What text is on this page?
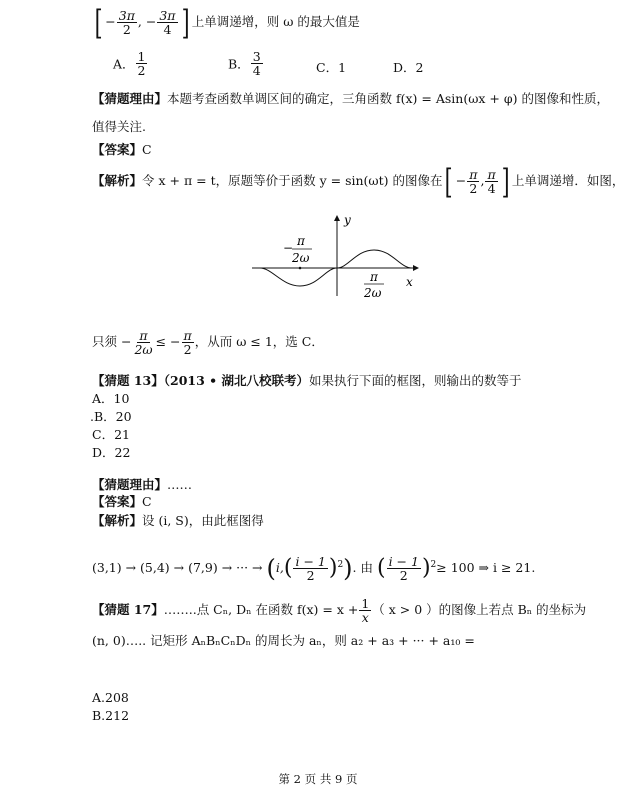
[ − $\frac{3\pi}{2}$ , − $\frac{3\pi}{4}$ ] 上单调递增，则 ω 的最大值是
A． $\frac{1}{2}$	B． $\frac{3}{4}$	C．1	D．2
【猜题理由】本题考查函数单调区间的确定，三角函数 f(x) = Asin(ωx + φ) 的图像和性质，
值得关注.
【答案】C
【解析】令 x + π = t，原题等价于函数 y = sin(ωt) 的图像在[ − $\frac{\pi}{2}$ , $\frac{\pi}{4}$ ] 上单调递增．如图，
y
x
− π
2ω
π
2ω
只须 − $\frac{\pi}{2\omega}$ ≤ − $\frac{\pi}{2}$ ，从而 ω ≤ 1，选 C．
【猜题 13】（2013 • 湖北八校联考）如果执行下面的框图，则输出的数等于
A．10
.B．20
C．21
D．22
【猜题理由】……
【答案】C
【解析】设 (i, S)，由此框图得
(3,1) → (5,4) → (7,9) → ··· → $(i,( \frac{i - 1}{2} )^2)$. 由 ( $\frac{i - 1}{2} )^2\ge 100$ ⇒ i ≥ 21.
【猜题 17】……..点 Cₙ, Dₙ 在函数 $f(x) = x + \frac{1}{x}$ （ x > 0 ）的图像上若点 Bₙ 的坐标为
(n, 0)….. 记矩形 AₙBₙCₙDₙ 的周长为 aₙ，则 a₂ + a₃ + ··· + a₁₀ =
A.208
B.212
第 2 页 共 9 页
